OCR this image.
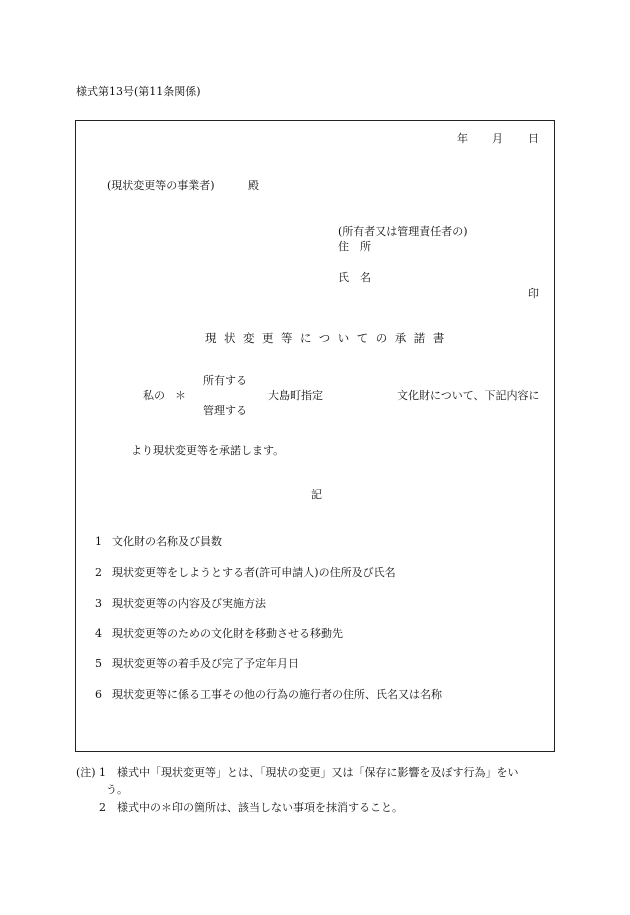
様式第13号(第11条関係)
年 月 日
(現状変更等の事業者)	殿
(所有者又は管理責任者の)
住　所
氏　名
印
現状変更等についての承諾書
所有する
私の ＊	大島町指定	文化財について、下記内容に
管理する
より現状変更等を承諾します。
記
1 文化財の名称及び員数
2 現状変更等をしようとする者(許可申請人)の住所及び氏名
3 現状変更等の内容及び実施方法
4 現状変更等のための文化財を移動させる移動先
5 現状変更等の着手及び完了予定年月日
6 現状変更等に係る工事その他の行為の施行者の住所、氏名又は名称
(注) 1 様式中「現状変更等」とは、「現状の変更」又は「保存に影響を及ぼす行為」をい
う。
2 様式中の＊印の箇所は、該当しない事項を抹消すること。
